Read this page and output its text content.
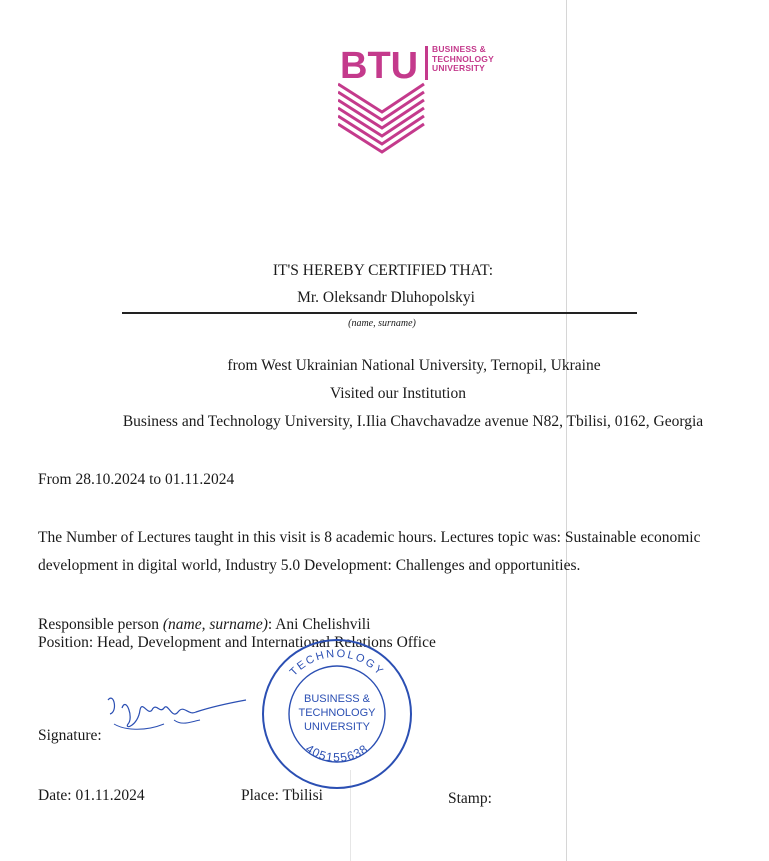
BTU BUSINESS &
TECHNOLOGY
UNIVERSITY
IT'S HEREBY CERTIFIED THAT:
Mr. Oleksandr Dluhopolskyi
(name, surname)
from West Ukrainian National University, Ternopil, Ukraine
Visited our Institution
Business and Technology University, I.Ilia Chavchavadze avenue N82, Tbilisi, 0162, Georgia
From 28.10.2024 to 01.11.2024
The Number of Lectures taught in this visit is 8 academic hours. Lectures topic was: Sustainable economic
development in digital world, Industry 5.0 Development: Challenges and opportunities.
Responsible person (name, surname): Ani Chelishvili
Position: Head, Development and International Relations Office
Signature:
TECHNOLOGY
405155638
BUSINESS &
TECHNOLOGY
UNIVERSITY
Date: 01.11.2024	Place: Tbilisi	Stamp:
